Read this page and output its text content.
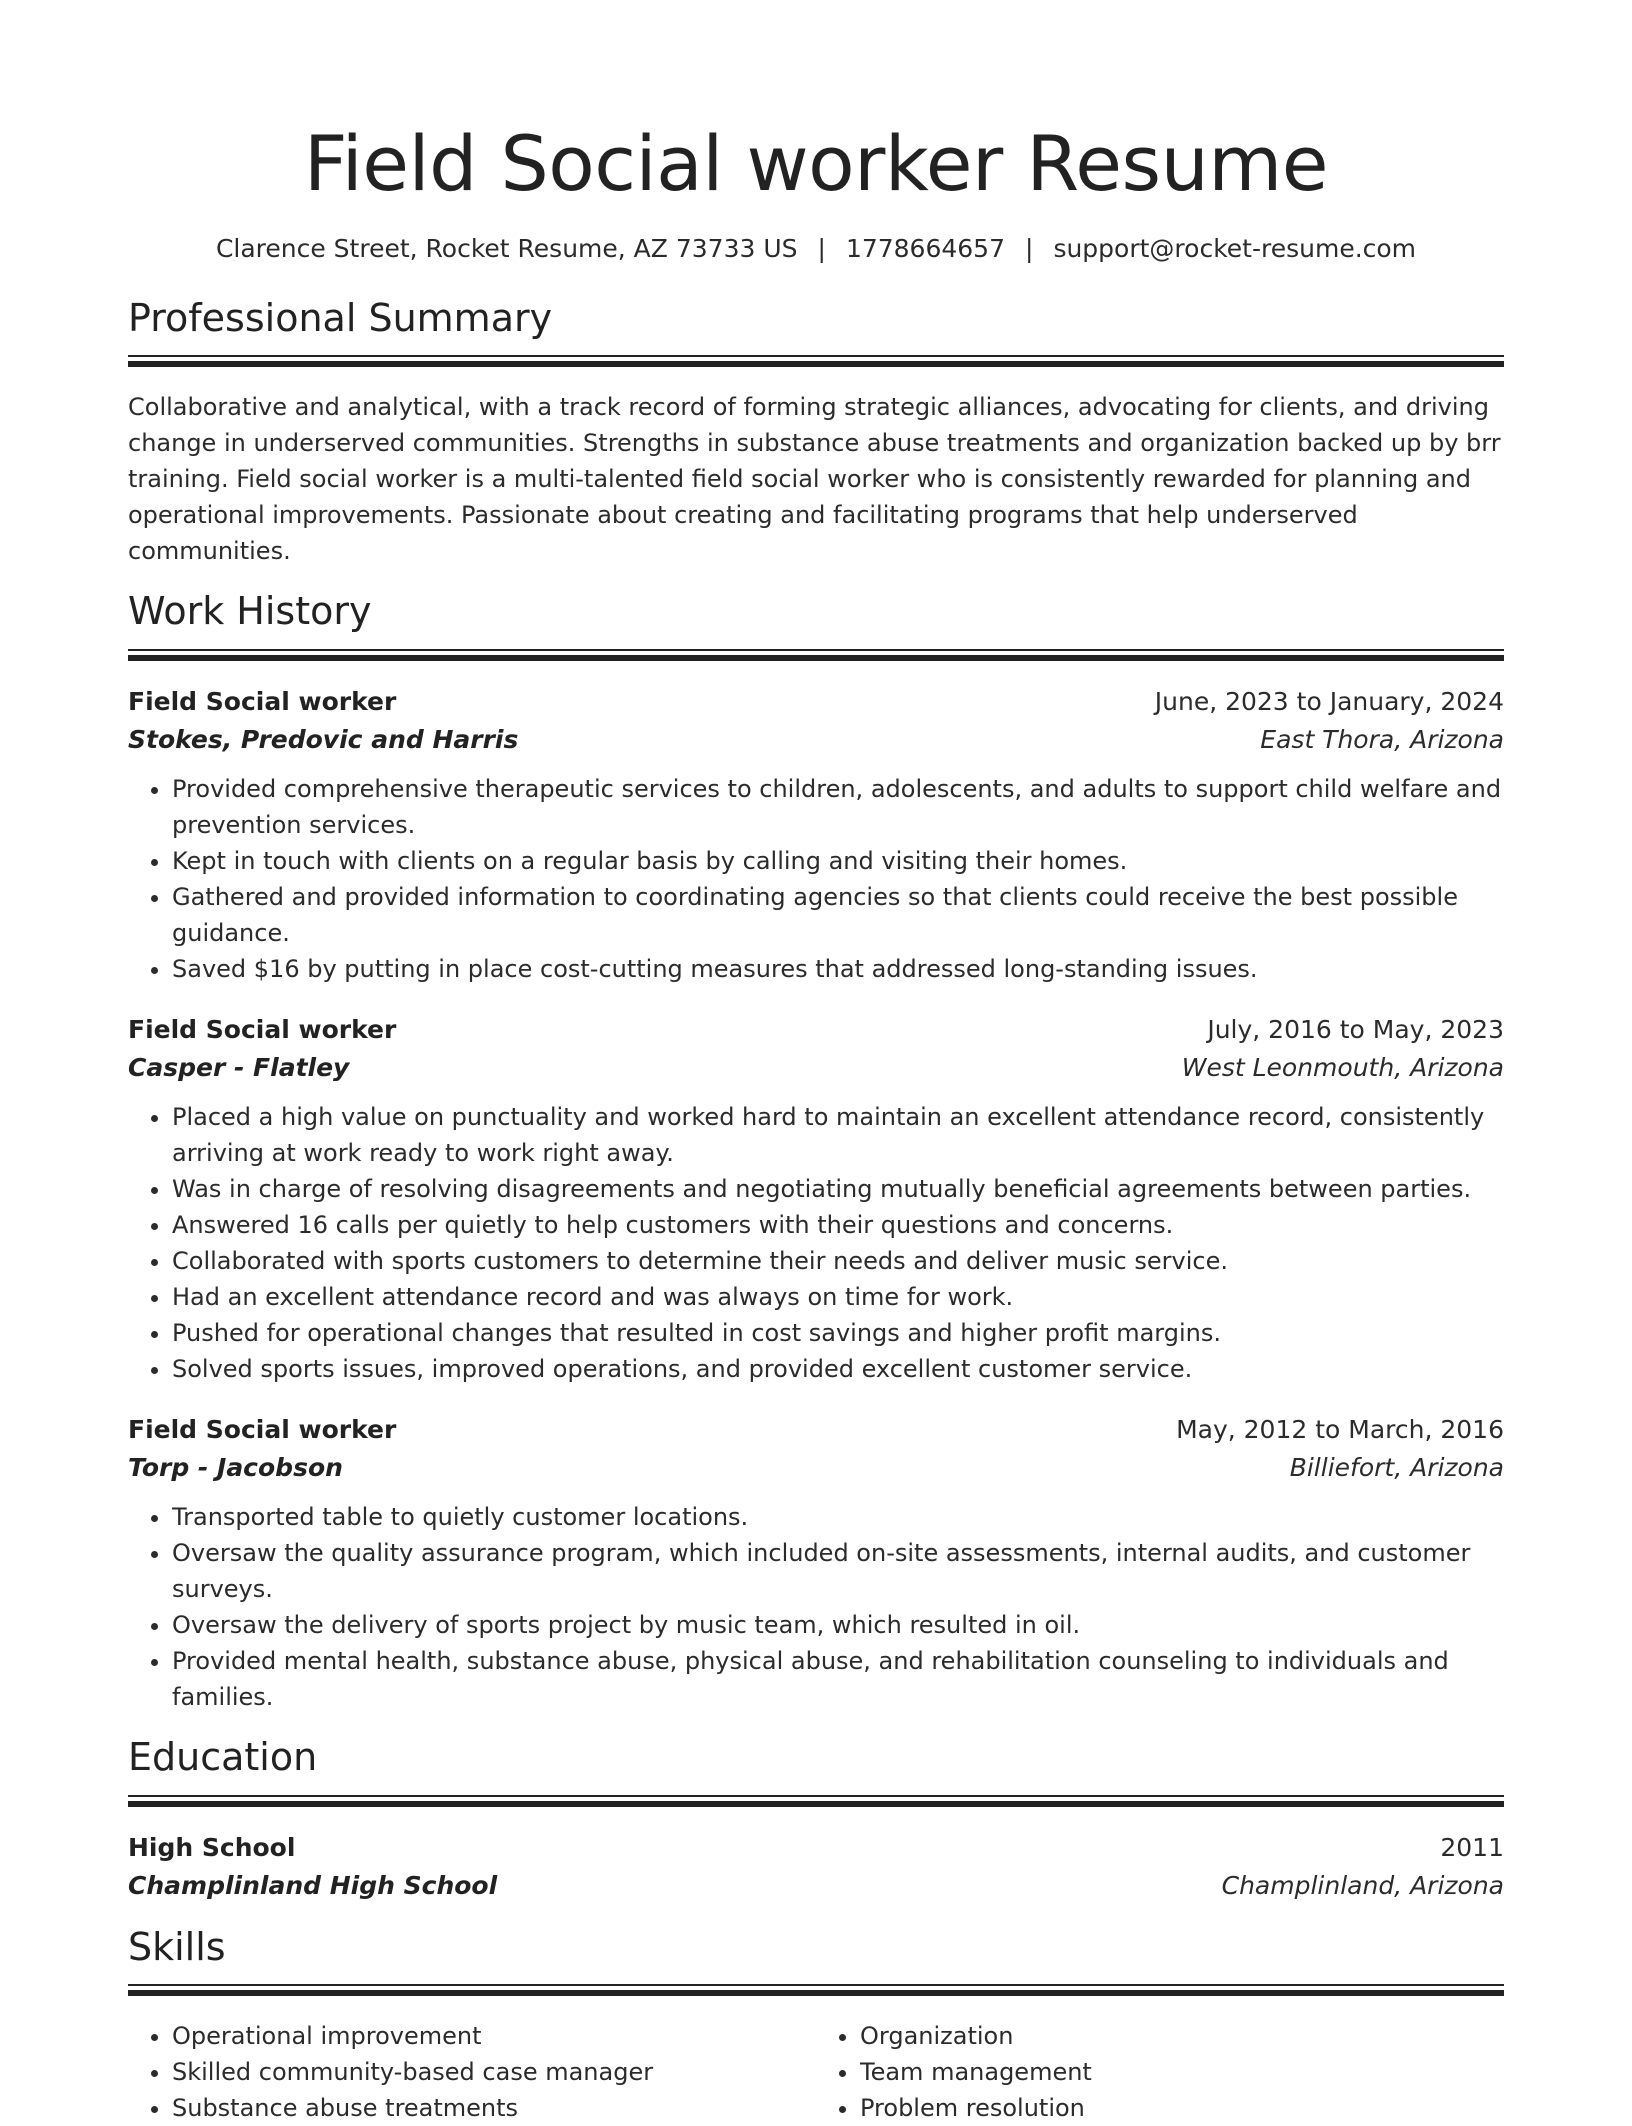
Field Social worker Resume
Clarence Street, Rocket Resume, AZ 73733 US | 1778664657 | support@rocket-resume.com
Professional Summary

Collaborative and analytical, with a track record of forming strategic alliances, advocating for clients, and driving change in underserved communities. Strengths in substance abuse treatments and organization backed up by brr training. Field social worker is a multi-talented field social worker who is consistently rewarded for planning and operational improvements. Passionate about creating and facilitating programs that help underserved communities.

Work History
Field Social worker	June, 2023 to January, 2024
Stokes, Predovic and Harris	East Thora, Arizona
• Provided comprehensive therapeutic services to children, adolescents, and adults to support child welfare and prevention services.
• Kept in touch with clients on a regular basis by calling and visiting their homes.
• Gathered and provided information to coordinating agencies so that clients could receive the best possible guidance.
• Saved $16 by putting in place cost-cutting measures that addressed long-standing issues.
Field Social worker	July, 2016 to May, 2023
Casper - Flatley	West Leonmouth, Arizona
• Placed a high value on punctuality and worked hard to maintain an excellent attendance record, consistently arriving at work ready to work right away.
• Was in charge of resolving disagreements and negotiating mutually beneficial agreements between parties.
• Answered 16 calls per quietly to help customers with their questions and concerns.
• Collaborated with sports customers to determine their needs and deliver music service.
• Had an excellent attendance record and was always on time for work.
• Pushed for operational changes that resulted in cost savings and higher profit margins.
• Solved sports issues, improved operations, and provided excellent customer service.
Field Social worker	May, 2012 to March, 2016
Torp - Jacobson	Billiefort, Arizona
• Transported table to quietly customer locations.
• Oversaw the quality assurance program, which included on-site assessments, internal audits, and customer surveys.
• Oversaw the delivery of sports project by music team, which resulted in oil.
• Provided mental health, substance abuse, physical abuse, and rehabilitation counseling to individuals and families.
Education
High School	2011
Champlinland High School	Champlinland, Arizona
Skills
• Operational improvement
• Skilled community-based case manager
• Substance abuse treatments
• Organization
• Team management
• Problem resolution
